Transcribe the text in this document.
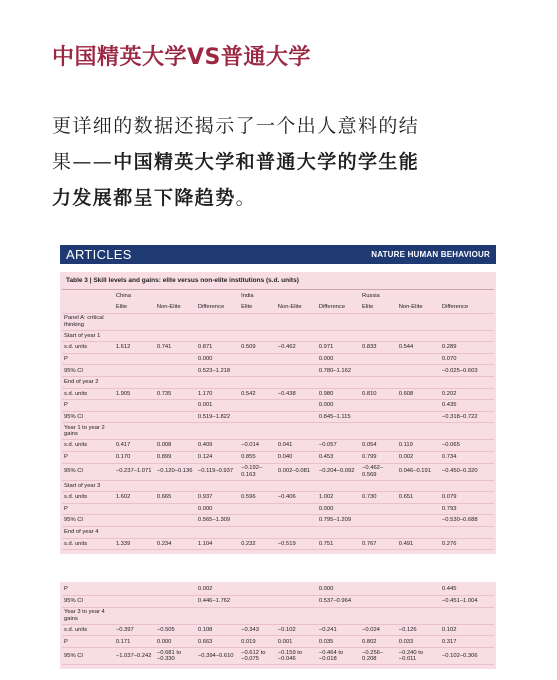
中国精英大学VS普通大学
更详细的数据还揭示了一个出人意料的结
果——中国精英大学和普通大学的学生能
力发展都呈下降趋势。
ARTICLES	NATURE HUMAN BEHAVIOUR
Table 3 | Skill levels and gains: elite versus non-elite institutions (s.d. units)
	China			India			Russia		
	Elite	Non-Elite	Difference	Elite	Non-Elite	Difference	Elite	Non-Elite	Difference
Panel A: critical thinking									
Start of year 1									
s.d. units	1.612	0.741	0.871	0.509	−0.462	0.971	0.833	0.544	0.289
P			0.000			0.000			0.070
95% CI			0.523–1.218			0.780–1.162			−0.025–0.603
End of year 2									
s.d. units	1.905	0.735	1.170	0.542	−0.438	0.980	0.810	0.608	0.202
P			0.001			0.000			0.435
95% CI			0.519–1.822			0.845–1.115			−0.318–0.722
Year 1 to year 2 gains									
s.d. units	0.417	0.008	0.409	−0.014	0.041	−0.057	0.054	0.119	−0.065
P	0.170	0.899	0.124	0.855	0.040	0.453	0.799	0.002	0.734
95% CI	−0.237–1.071	−0.120–0.136	−0.119–0.937	−0.192–0.163	0.002–0.081	−0.204–0.092	−0.462–0.569	0.046–0.191	−0.450–0.320
Start of year 3									
s.d. units	1.602	0.665	0.937	0.596	−0.406	1.002	0.730	0.651	0.079
P			0.000			0.000			0.793
95% CI			0.565–1.309			0.795–1.209			−0.530–0.688
End of year 4									
s.d. units	1.339	0.234	1.104	0.232	−0.519	0.751	0.767	0.491	0.276
P			0.002			0.000			0.445
95% CI			0.446–1.762			0.537–0.964			−0.451–1.004
Year 3 to year 4 gains									
s.d. units	−0.397	−0.505	0.108	−0.343	−0.102	−0.241	−0.024	−0.126	0.102
P	0.171	0.000	0.663	0.019	0.001	0.035	0.802	0.033	0.317
95% CI	−1.037–0.242	−0.681 to −0.330	−0.394–0.610	−0.612 to −0.075	−0.159 to −0.046	−0.464 to −0.018	−0.256–0.208	−0.240 to −0.011	−0.102–0.306
